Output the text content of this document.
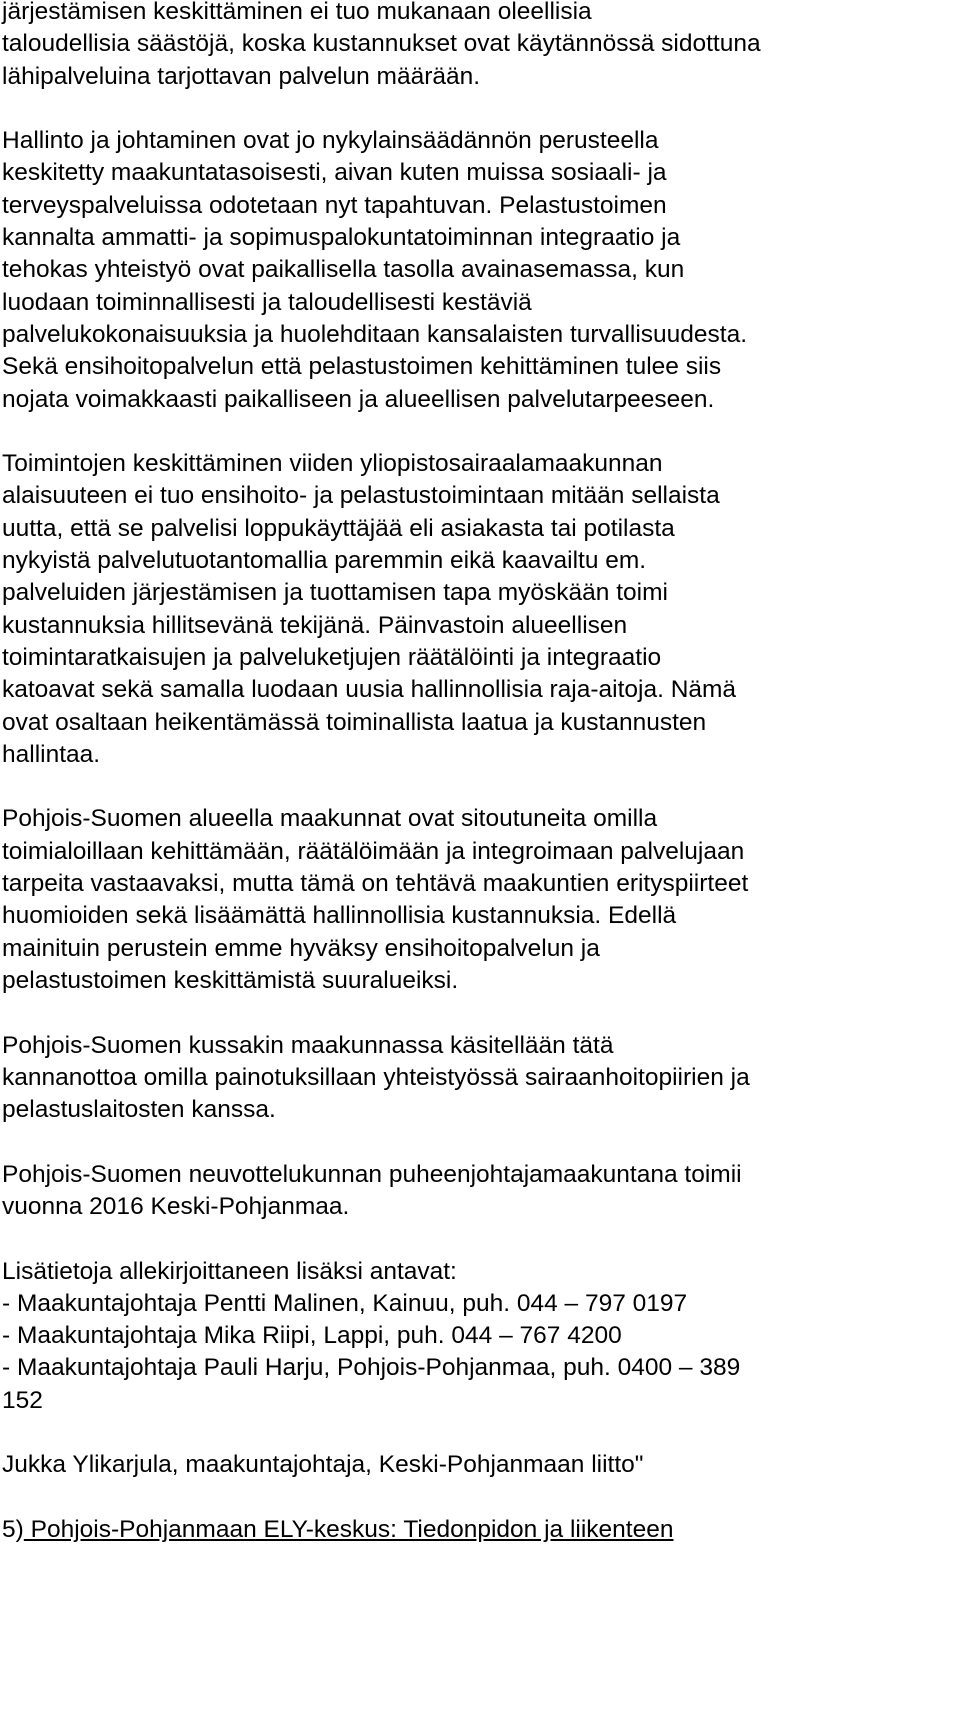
järjestämisen keskittäminen ei tuo mukanaan oleellisia
taloudellisia säästöjä, koska kustannukset ovat käytännössä sidottuna
lähipalveluina tarjottavan palvelun määrään.

Hallinto ja johtaminen ovat jo nykylainsäädännön perusteella
keskitetty maakuntatasoisesti, aivan kuten muissa sosiaali- ja
terveyspalveluissa odotetaan nyt tapahtuvan. Pelastustoimen
kannalta ammatti- ja sopimuspalokuntatoiminnan integraatio ja
tehokas yhteistyö ovat paikallisella tasolla avainasemassa, kun
luodaan toiminnallisesti ja taloudellisesti kestäviä
palvelukokonaisuuksia ja huolehditaan kansalaisten turvallisuudesta.
Sekä ensihoitopalvelun että pelastustoimen kehittäminen tulee siis
nojata voimakkaasti paikalliseen ja alueellisen palvelutarpeeseen.

Toimintojen keskittäminen viiden yliopistosairaalamaakunnan
alaisuuteen ei tuo ensihoito- ja pelastustoimintaan mitään sellaista
uutta, että se palvelisi loppukäyttäjää eli asiakasta tai potilasta
nykyistä palvelutuotantomallia paremmin eikä kaavailtu em.
palveluiden järjestämisen ja tuottamisen tapa myöskään toimi
kustannuksia hillitsevänä tekijänä. Päinvastoin alueellisen
toimintaratkaisujen ja palveluketjujen räätälöinti ja integraatio
katoavat sekä samalla luodaan uusia hallinnollisia raja-aitoja. Nämä
ovat osaltaan heikentämässä toiminallista laatua ja kustannusten
hallintaa.

Pohjois-Suomen alueella maakunnat ovat sitoutuneita omilla
toimialoillaan kehittämään, räätälöimään ja integroimaan palvelujaan
tarpeita vastaavaksi, mutta tämä on tehtävä maakuntien erityspiirteet
huomioiden sekä lisäämättä hallinnollisia kustannuksia. Edellä
mainituin perustein emme hyväksy ensihoitopalvelun ja
pelastustoimen keskittämistä suuralueiksi.

Pohjois-Suomen kussakin maakunnassa käsitellään tätä
kannanottoa omilla painotuksillaan yhteistyössä sairaanhoitopiirien ja
pelastuslaitosten kanssa.

Pohjois-Suomen neuvottelukunnan puheenjohtajamaakuntana toimii
vuonna 2016 Keski-Pohjanmaa.

Lisätietoja allekirjoittaneen lisäksi antavat:

- Maakuntajohtaja Pentti Malinen, Kainuu, puh. 044 – 797 0197
- Maakuntajohtaja Mika Riipi, Lappi, puh. 044 – 767 4200
- Maakuntajohtaja Pauli Harju, Pohjois-Pohjanmaa, puh. 0400 – 389
152

Jukka Ylikarjula, maakuntajohtaja, Keski-Pohjanmaan liitto"

5) Pohjois-Pohjanmaan ELY-keskus: Tiedonpidon ja liikenteen
